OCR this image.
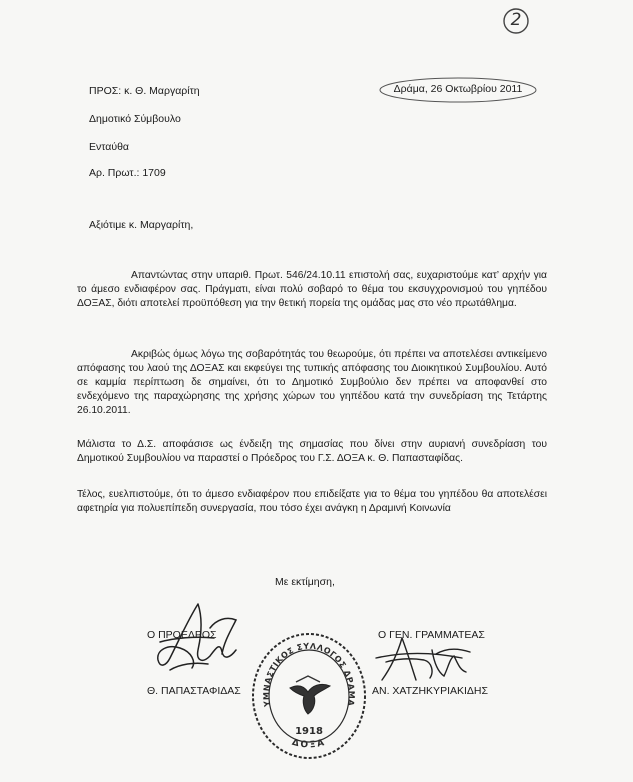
2
ΠΡΟΣ: κ. Θ. Μαργαρίτη
Δημοτικό Σύμβουλο
Ενταύθα
Αρ. Πρωτ.: 1709
Δράμα, 26 Οκτωβρίου 2011
Αξιότιμε κ. Μαργαρίτη,
Απαντώντας στην υπαριθ. Πρωτ. 546/24.10.11 επιστολή σας, ευχαριστούμε κατ’ αρχήν για το άμεσο ενδιαφέρον σας. Πράγματι, είναι πολύ σοβαρό το θέμα του εκσυγχρονισμού του γηπέδου ΔΟΞΑΣ, διότι αποτελεί προϋπόθεση για την θετική πορεία της ομάδας μας στο νέο πρωτάθλημα.
Ακριβώς όμως λόγω της σοβαρότητάς του θεωρούμε, ότι πρέπει να αποτελέσει αντικείμενο απόφασης του λαού της ΔΟΞΑΣ και εκφεύγει της τυπικής απόφασης του Διοικητικού Συμβουλίου. Αυτό σε καμμία περίπτωση δε σημαίνει, ότι το Δημοτικό Συμβούλιο δεν πρέπει να αποφανθεί στο ενδεχόμενο της παραχώρησης της χρήσης χώρων του γηπέδου κατά την συνεδρίαση της Τετάρτης 26.10.2011.
Μάλιστα το Δ.Σ. αποφάσισε ως ένδειξη της σημασίας που δίνει στην αυριανή συνεδρίαση του Δημοτικού Συμβουλίου να παραστεί ο Πρόεδρος του Γ.Σ. ΔΟΞΑ κ. Θ. Παπασταφίδας.
Τέλος, ευελπιστούμε, ότι το άμεσο ενδιαφέρον που επιδείξατε για το θέμα του γηπέδου θα αποτελέσει αφετηρία για πολυεπίπεδη συνεργασία, που τόσο έχει ανάγκη η Δραμινή Κοινωνία
Με εκτίμηση,
Ο ΠΡΟΕΔΡΟΣ
Θ. ΠΑΠΑΣΤΑΦΙΔΑΣ
Ο ΓΕΝ. ΓΡΑΜΜΑΤΕΑΣ
ΑΝ. ΧΑΤΖΗΚΥΡΙΑΚΙΔΗΣ
ΥΜΝΑΣΤΙΚΟΣ ΣΥΛΛΟΓΟΣ ΔΡΑΜΑ
1918
ΔΟΞΑ
